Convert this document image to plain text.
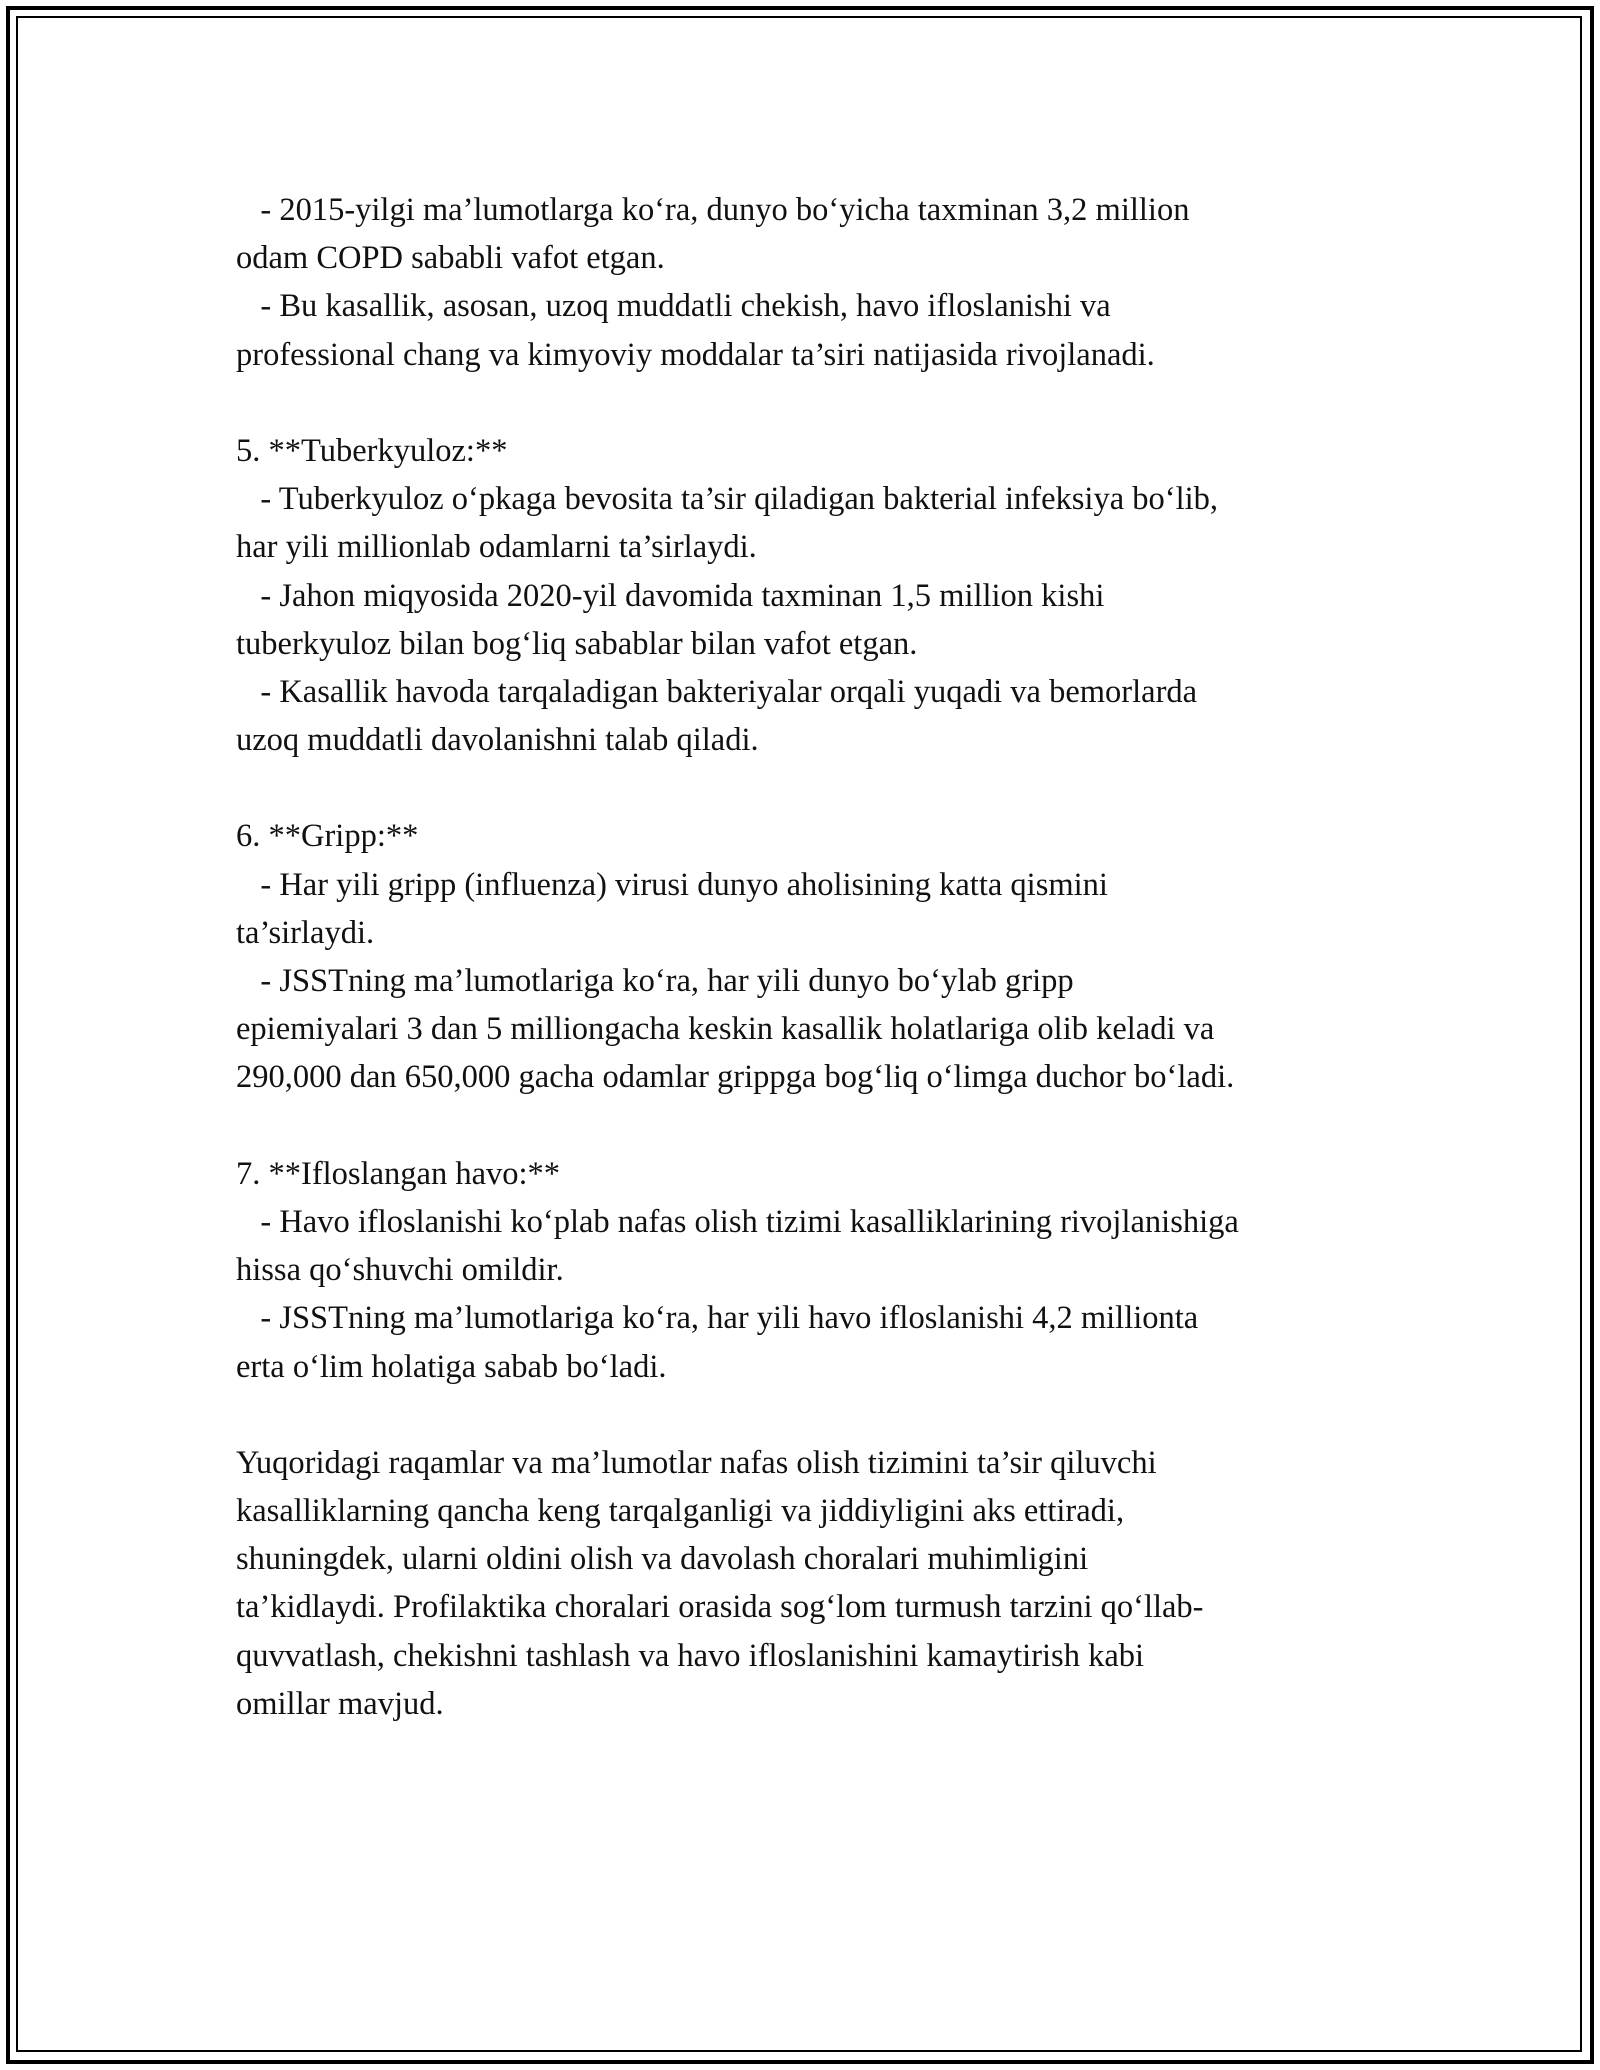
- 2015-yilgi ma’lumotlarga ko‘ra, dunyo bo‘yicha taxminan 3,2 million
odam COPD sababli vafot etgan.
- Bu kasallik, asosan, uzoq muddatli chekish, havo ifloslanishi va
professional chang va kimyoviy moddalar ta’siri natijasida rivojlanadi.
5. **Tuberkyuloz:**
- Tuberkyuloz o‘pkaga bevosita ta’sir qiladigan bakterial infeksiya bo‘lib,
har yili millionlab odamlarni ta’sirlaydi.
- Jahon miqyosida 2020-yil davomida taxminan 1,5 million kishi
tuberkyuloz bilan bog‘liq sabablar bilan vafot etgan.
- Kasallik havoda tarqaladigan bakteriyalar orqali yuqadi va bemorlarda
uzoq muddatli davolanishni talab qiladi.
6. **Gripp:**
- Har yili gripp (influenza) virusi dunyo aholisining katta qismini
ta’sirlaydi.
- JSSTning ma’lumotlariga ko‘ra, har yili dunyo bo‘ylab gripp
epiemiyalari 3 dan 5 milliongacha keskin kasallik holatlariga olib keladi va
290,000 dan 650,000 gacha odamlar grippga bog‘liq o‘limga duchor bo‘ladi.
7. **Ifloslangan havo:**
- Havo ifloslanishi ko‘plab nafas olish tizimi kasalliklarining rivojlanishiga
hissa qo‘shuvchi omildir.
- JSSTning ma’lumotlariga ko‘ra, har yili havo ifloslanishi 4,2 millionta
erta o‘lim holatiga sabab bo‘ladi.
Yuqoridagi raqamlar va ma’lumotlar nafas olish tizimini ta’sir qiluvchi
kasalliklarning qancha keng tarqalganligi va jiddiyligini aks ettiradi,
shuningdek, ularni oldini olish va davolash choralari muhimligini
ta’kidlaydi. Profilaktika choralari orasida sog‘lom turmush tarzini qo‘llab-
quvvatlash, chekishni tashlash va havo ifloslanishini kamaytirish kabi
omillar mavjud.
